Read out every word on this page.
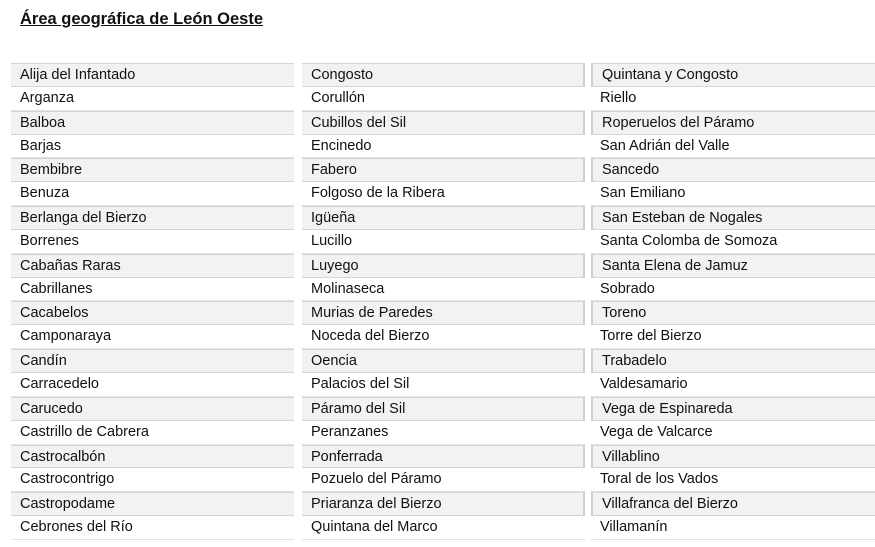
Área geográfica de León Oeste
Alija del Infantado
Arganza
Balboa
Barjas
Bembibre
Benuza
Berlanga del Bierzo
Borrenes
Cabañas Raras
Cabrillanes
Cacabelos
Camponaraya
Candín
Carracedelo
Carucedo
Castrillo de Cabrera
Castrocalbón
Castrocontrigo
Castropodame
Cebrones del Río
Congosto
Corullón
Cubillos del Sil
Encinedo
Fabero
Folgoso de la Ribera
Igüeña
Lucillo
Luyego
Molinaseca
Murias de Paredes
Noceda del Bierzo
Oencia
Palacios del Sil
Páramo del Sil
Peranzanes
Ponferrada
Pozuelo del Páramo
Priaranza del Bierzo
Quintana del Marco
Quintana y Congosto
Riello
Roperuelos del Páramo
San Adrián del Valle
Sancedo
San Emiliano
San Esteban de Nogales
Santa Colomba de Somoza
Santa Elena de Jamuz
Sobrado
Toreno
Torre del Bierzo
Trabadelo
Valdesamario
Vega de Espinareda
Vega de Valcarce
Villablino
Toral de los Vados
Villafranca del Bierzo
Villamanín
